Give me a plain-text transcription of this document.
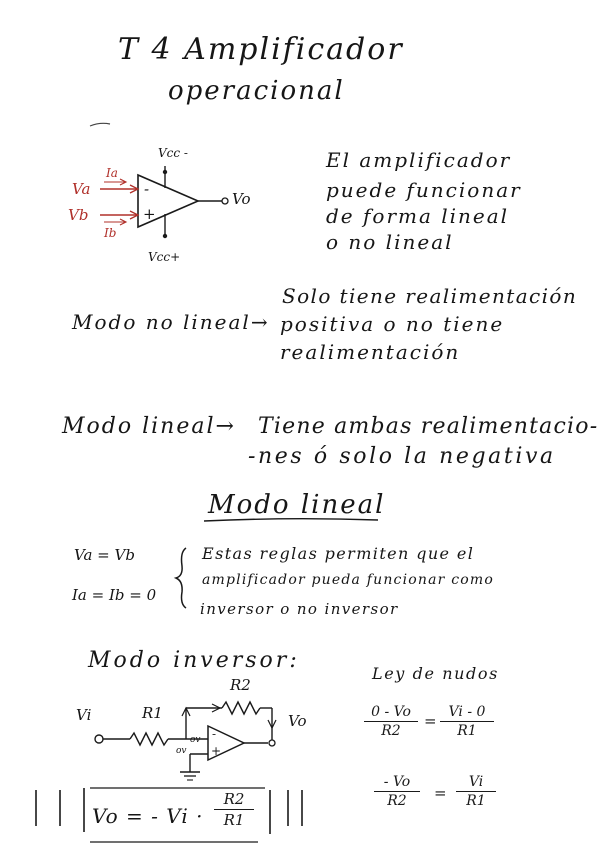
T 4 Amplificador
operacional
Vcc -
Vcc+
Ia
Ib
Va
Vb
Vo
-
+
El amplificador
puede funcionar
de forma lineal
o no lineal
Modo no lineal→
Solo tiene realimentación
positiva o no tiene
realimentación
Modo lineal→ Tiene ambas realimentacio-
-nes ó solo la negativa
Modo lineal
Va = Vb
Ia = Ib = 0
Estas reglas permiten que el
amplificador pueda funcionar como
inversor o no inversor
Modo inversor:
R2
R1
Vi	Vo
ov
ov
-
+
Ley de nudos
$\frac{0 - Vo}{R2} = \frac{Vi - 0}{R1}$
$\frac{- Vo}{R2} = \frac{Vi}{R1}$
Vo = - $Vi \cdot \frac{R2}{R1}$
